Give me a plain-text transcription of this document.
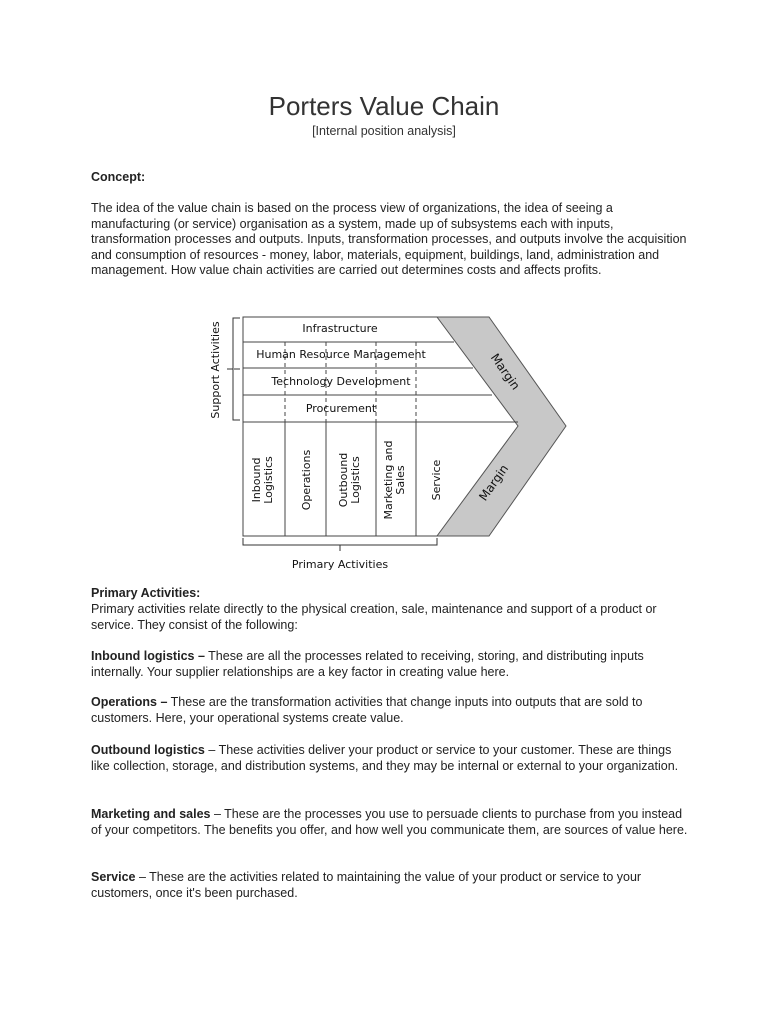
Porters Value Chain
[Internal position analysis]
Concept:
The idea of the value chain is based on the process view of organizations, the idea of seeing a manufacturing (or service) organisation as a system, made up of subsystems each with inputs, transformation processes and outputs. Inputs, transformation processes, and outputs involve the acquisition and consumption of resources - money, labor, materials, equipment, buildings, land, administration and management. How value chain activities are carried out determines costs and affects profits.
Support Activities	Margin
Margin
Infrastructure
Human Resource Management
Technology Development
Procurement
Inbound Logistics Operations Outbound Logistics Marketing and Sales Service
Primary Activities
Primary Activities:
Primary activities relate directly to the physical creation, sale, maintenance and support of a product or service. They consist of the following:
Inbound logistics – These are all the processes related to receiving, storing, and distributing inputs internally. Your supplier relationships are a key factor in creating value here.
Operations – These are the transformation activities that change inputs into outputs that are sold to customers. Here, your operational systems create value.
Outbound logistics – These activities deliver your product or service to your customer. These are things like collection, storage, and distribution systems, and they may be internal or external to your organization.
Marketing and sales – These are the processes you use to persuade clients to purchase from you instead of your competitors. The benefits you offer, and how well you communicate them, are sources of value here.
Service – These are the activities related to maintaining the value of your product or service to your customers, once it's been purchased.
